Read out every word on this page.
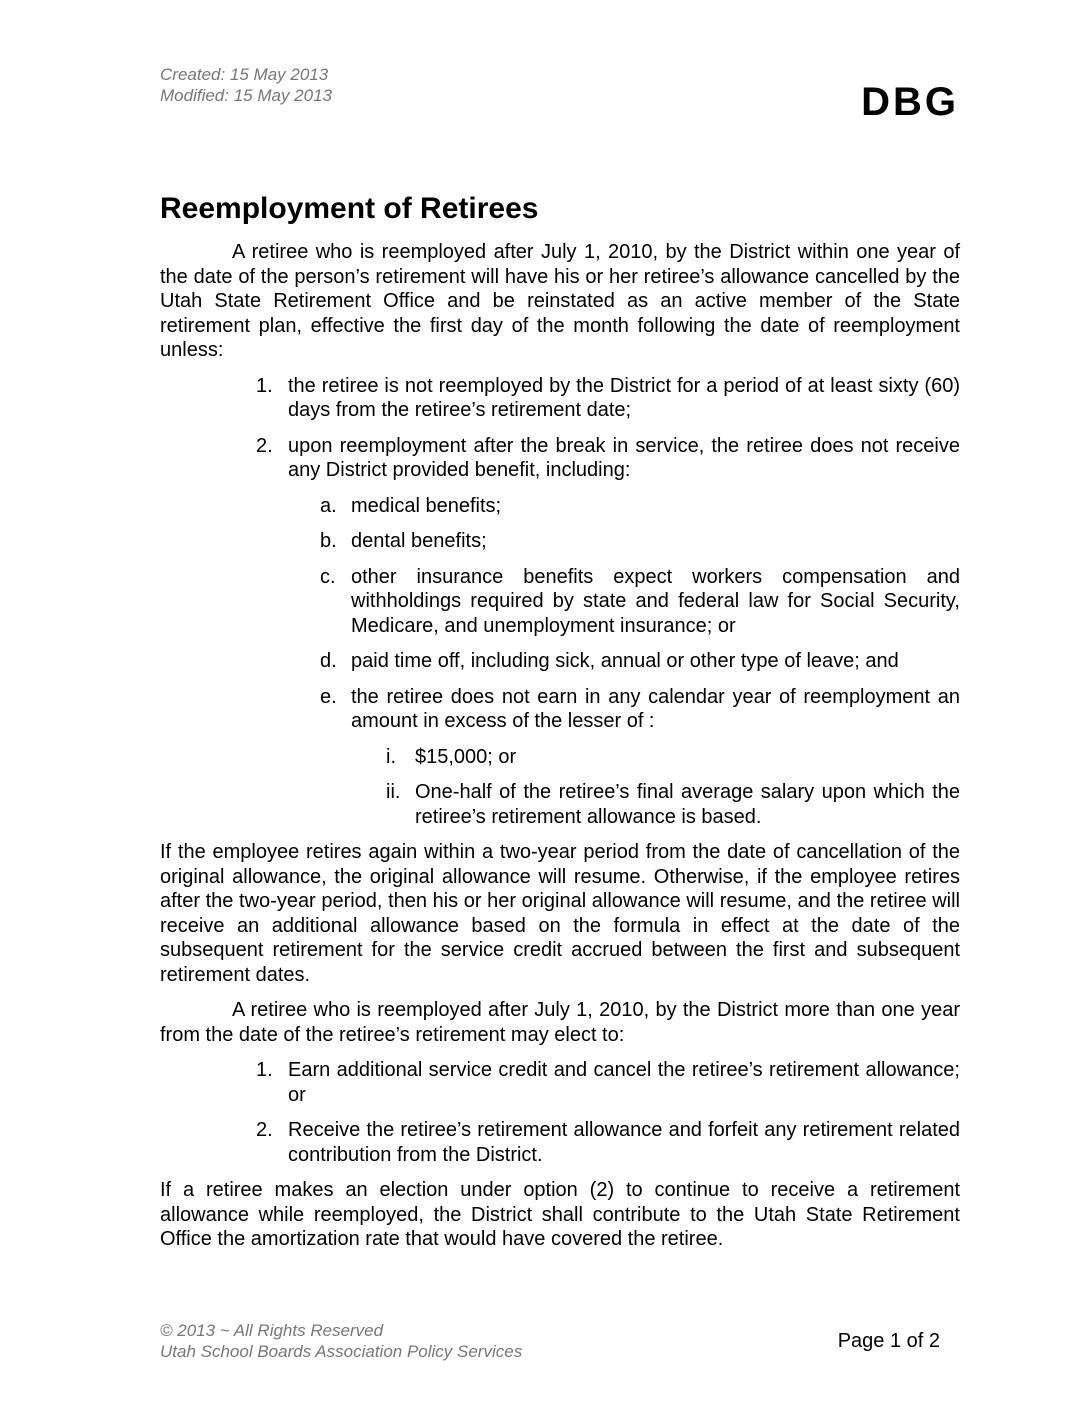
Created: 15 May 2013
Modified: 15 May 2013	DBG
Reemployment of Retirees

A retiree who is reemployed after July 1, 2010, by the District within one year of the date of the person’s retirement will have his or her retiree’s allowance cancelled by the Utah State Retirement Office and be reinstated as an active member of the State retirement plan, effective the first day of the month following the date of reemployment unless:

1. the retiree is not reemployed by the District for a period of at least sixty (60) days from the retiree’s retirement date;
2. upon reemployment after the break in service, the retiree does not receive any District provided benefit, including:
a. medical benefits;
b. dental benefits;
c. other insurance benefits expect workers compensation and withholdings required by state and federal law for Social Security, Medicare, and unemployment insurance; or
d. paid time off, including sick, annual or other type of leave; and
e. the retiree does not earn in any calendar year of reemployment an amount in excess of the lesser of :
i. $15,000; or
ii. One-half of the retiree’s final average salary upon which the retiree’s retirement allowance is based.

If the employee retires again within a two-year period from the date of cancellation of the original allowance, the original allowance will resume. Otherwise, if the employee retires after the two-year period, then his or her original allowance will resume, and the retiree will receive an additional allowance based on the formula in effect at the date of the subsequent retirement for the service credit accrued between the first and subsequent retirement dates.

A retiree who is reemployed after July 1, 2010, by the District more than one year from the date of the retiree’s retirement may elect to:

1. Earn additional service credit and cancel the retiree’s retirement allowance; or
2. Receive the retiree’s retirement allowance and forfeit any retirement related contribution from the District.

If a retiree makes an election under option (2) to continue to receive a retirement allowance while reemployed, the District shall contribute to the Utah State Retirement Office the amortization rate that would have covered the retiree.

© 2013 ~ All Rights Reserved
Utah School Boards Association Policy Services	Page 1 of 2
